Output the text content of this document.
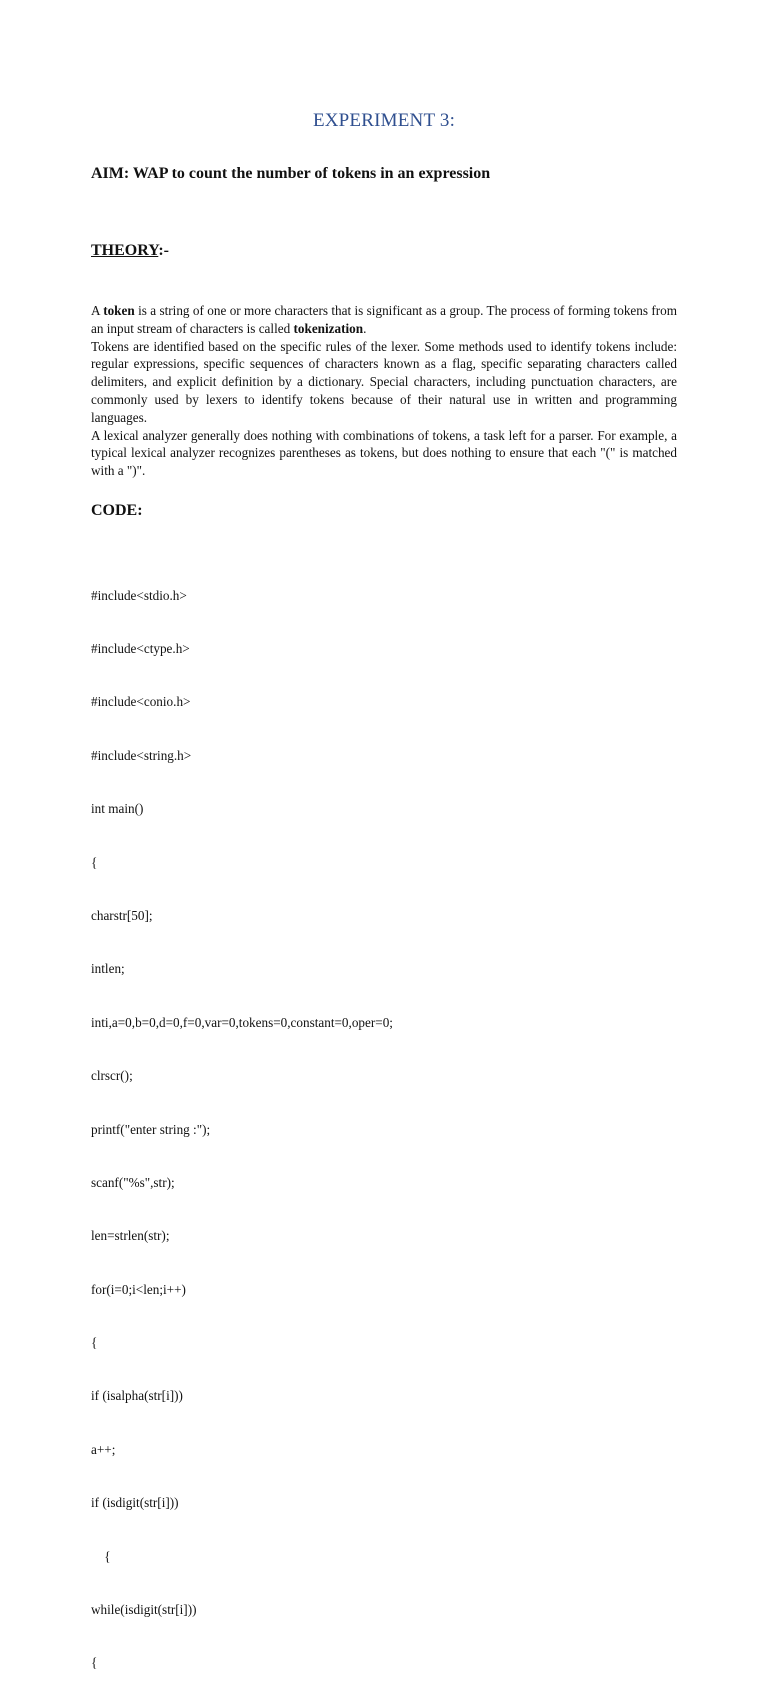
EXPERIMENT 3:
AIM: WAP to count the number of tokens in an expression
THEORY:-

A token is a string of one or more characters that is significant as a group. The process of forming tokens from an input stream of characters is called tokenization.

Tokens are identified based on the specific rules of the lexer. Some methods used to identify tokens include: regular expressions, specific sequences of characters known as a flag, specific separating characters called delimiters, and explicit definition by a dictionary. Special characters, including punctuation characters, are commonly used by lexers to identify tokens because of their natural use in written and programming languages.

A lexical analyzer generally does nothing with combinations of tokens, a task left for a parser. For example, a typical lexical analyzer recognizes parentheses as tokens, but does nothing to ensure that each "(" is matched with a ")".

CODE:

#include<stdio.h>

#include<ctype.h>

#include<conio.h>

#include<string.h>

int main()

{

charstr[50];

intlen;

inti,a=0,b=0,d=0,f=0,var=0,tokens=0,constant=0,oper=0;

clrscr();

printf("enter string :");

scanf("%s",str);

len=strlen(str);

for(i=0;i<len;i++)

{

if (isalpha(str[i]))

a++;

if (isdigit(str[i]))

{

while(isdigit(str[i]))

{
